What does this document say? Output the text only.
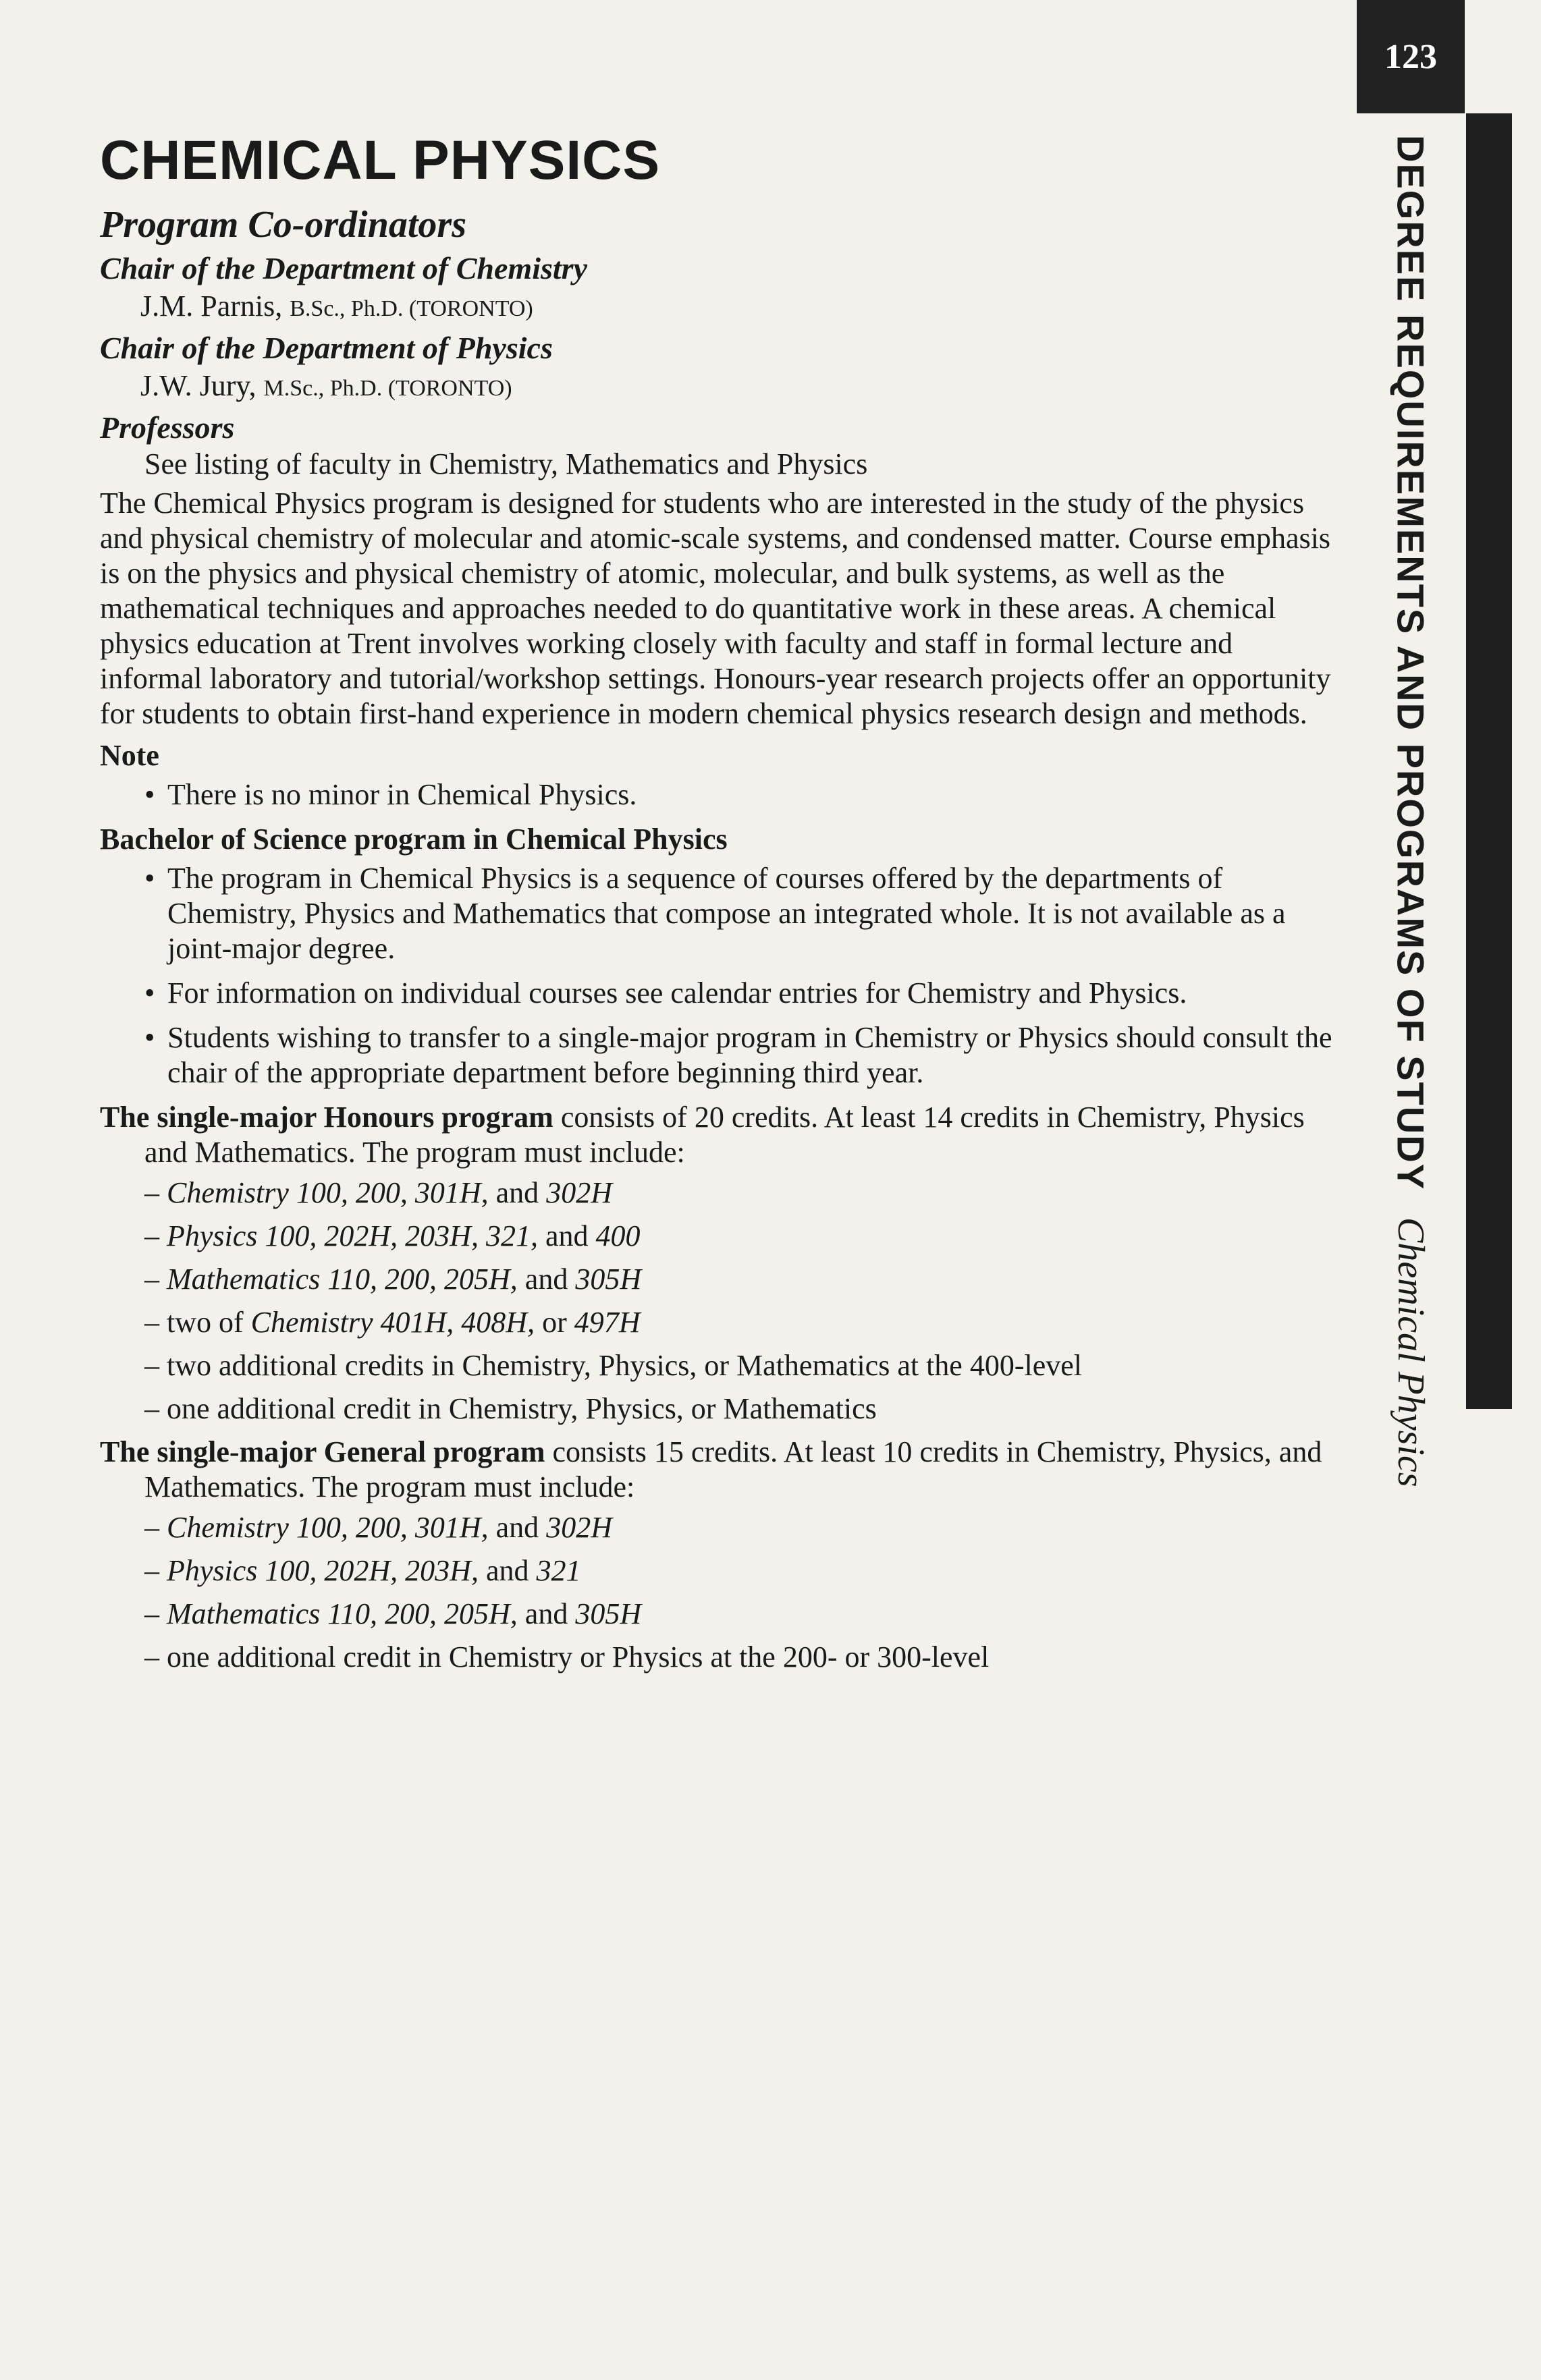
123
DEGREE REQUIREMENTS AND PROGRAMS OF STUDY
Chemical Physics
CHEMICAL PHYSICS

Program Co-ordinators

Chair of the Department of Chemistry

J.M. Parnis, B.Sc., Ph.D. (TORONTO)

Chair of the Department of Physics

J.W. Jury, M.Sc., Ph.D. (TORONTO)

Professors

See listing of faculty in Chemistry, Mathematics and Physics

The Chemical Physics program is designed for students who are interested in the study of the physics and physical chemistry of molecular and atomic-scale systems, and condensed matter. Course emphasis is on the physics and physical chemistry of atomic, molecular, and bulk systems, as well as the mathematical techniques and approaches needed to do quantitative work in these areas. A chemical physics education at Trent involves working closely with faculty and staff in formal lecture and informal laboratory and tutorial/workshop settings. Honours-year research projects offer an opportunity for students to obtain first-hand experience in modern chemical physics research design and methods.

Note

• There is no minor in Chemical Physics.

Bachelor of Science program in Chemical Physics

• The program in Chemical Physics is a sequence of courses offered by the departments of Chemistry, Physics and Mathematics that compose an integrated whole. It is not available as a joint-major degree.
• For information on individual courses see calendar entries for Chemistry and Physics.
• Students wishing to transfer to a single-major program in Chemistry or Physics should consult the chair of the appropriate department before beginning third year.

The single-major Honours program consists of 20 credits. At least 14 credits in Chemistry, Physics and Mathematics. The program must include:

– Chemistry 100, 200, 301H, and 302H
– Physics 100, 202H, 203H, 321, and 400
– Mathematics 110, 200, 205H, and 305H
– two of Chemistry 401H, 408H, or 497H
– two additional credits in Chemistry, Physics, or Mathematics at the 400-level
– one additional credit in Chemistry, Physics, or Mathematics

The single-major General program consists 15 credits. At least 10 credits in Chemistry, Physics, and Mathematics. The program must include:

– Chemistry 100, 200, 301H, and 302H
– Physics 100, 202H, 203H, and 321
– Mathematics 110, 200, 205H, and 305H
– one additional credit in Chemistry or Physics at the 200- or 300-level
